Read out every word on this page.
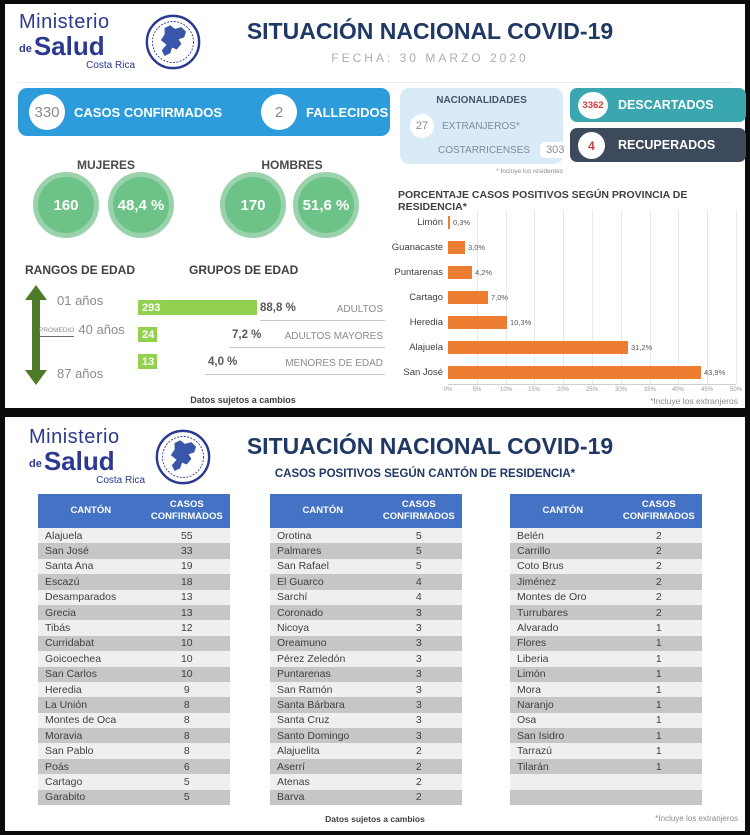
Ministerio
de Salud
Costa Rica
SITUACIÓN NACIONAL COVID-19
FECHA: 30 MARZO 2020
330	CASOS CONFIRMADOS	2	FALLECIDOS
NACIONALIDADES
27	EXTRANJEROS*
COSTARRICENSES	303
* Incluye los residentes
3362	DESCARTADOS
4	RECUPERADOS
MUJERES
160	48,4 %
HOMBRES
170	51,6 %
RANGOS DE EDAD
01 años
PROMEDIO 40 años
87 años
GRUPOS DE EDAD
293	88,8 %	ADULTOS
24	7,2 % ADULTOS MAYORES
13	4,0 %	MENORES DE EDAD
PORCENTAJE CASOS POSITIVOS SEGÚN PROVINCIA DE RESIDENCIA*
Limón
Guanacaste
Puntarenas
Cartago
Heredia
Alajuela
San José
0,3%
3,0%
4,2%
7,0%
10,3%
31,2%
43,9%
0%	5%	10%	15%	20%	25%	30%	35%	40%	45%	50%
Datos sujetos a cambios	*Incluye los extranjeros
Ministerio
de Salud
Costa Rica
SITUACIÓN NACIONAL COVID-19
CASOS POSITIVOS SEGÚN CANTÓN DE RESIDENCIA*
CANTÓN
CASOS CONFIRMADOS
Alajuela	55
San José	33
Santa Ana	19
Escazú	18
Desamparados	13
Grecia	13
Tibás	12
Curridabat	10
Goicoechea	10
San Carlos	10
Heredia	9
La Unión	8
Montes de Oca	8
Moravia	8
San Pablo	8
Poás	6
Cartago	5
Garabito	5
CANTÓN
CASOS CONFIRMADOS
Orotina	5
Palmares	5
San Rafael	5
El Guarco	4
Sarchí	4
Coronado	3
Nicoya	3
Oreamuno	3
Pérez Zeledón	3
Puntarenas	3
San Ramón	3
Santa Bárbara	3
Santa Cruz	3
Santo Domingo	3
Alajuelita	2
Aserrí	2
Atenas	2
Barva	2
CANTÓN
CASOS CONFIRMADOS
Belén	2
Carrillo	2
Coto Brus	2
Jiménez	2
Montes de Oro	2
Turrubares	2
Alvarado	1
Flores	1
Liberia	1
Limón	1
Mora	1
Naranjo	1
Osa	1
San Isidro	1
Tarrazú	1
Tilarán	1
Datos sujetos a cambios	*Incluye los extranjeros
